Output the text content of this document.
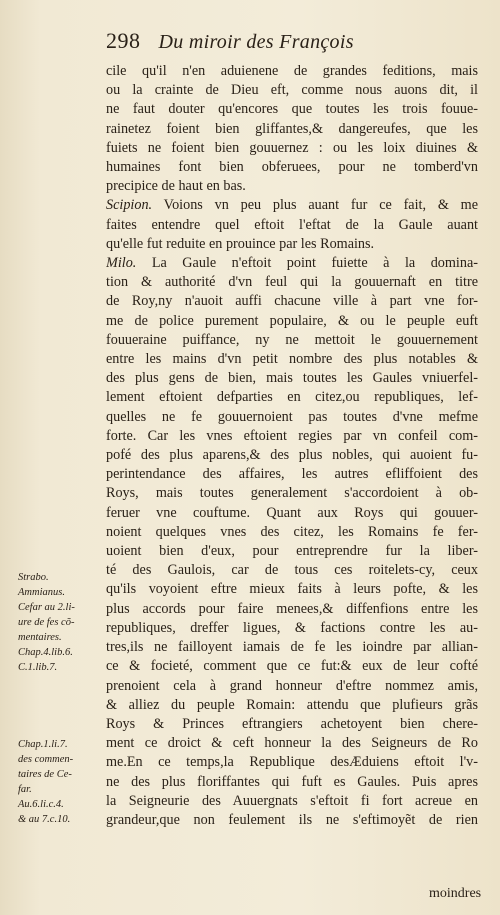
298 Du miroir des François
cile qu'il n'en aduienene de grandes feditions, mais
ou la crainte de Dieu eft, comme nous auons dit, il
ne faut douter qu'encores que toutes les trois fouue-
rainetez foient bien gliffantes,& dangereufes, que les
fuiets ne foient bien gouuernez : ou les loix diuines &
humaines font bien obferuees, pour ne tomberd'vn
precipice de haut en bas.
Scipion. Voions vn peu plus auant fur ce fait, & me
faites entendre quel eftoit l'eftat de la Gaule auant
qu'elle fut reduite en prouince par les Romains.
Milo. La Gaule n'eftoit point fuiette à la domina-
tion & authorité d'vn feul qui la gouuernaft en titre
de Roy,ny n'auoit auffi chacune ville à part vne for-
me de police purement populaire, & ou le peuple euft
fouueraine puiffance, ny ne mettoit le gouuernement
entre les mains d'vn petit nombre des plus notables &
des plus gens de bien, mais toutes les Gaules vniuerfel-
lement eftoient defparties en citez,ou republiques, lef-
quelles ne fe gouuernoient pas toutes d'vne mefme
forte. Car les vnes eftoient regies par vn confeil com-
pofé des plus aparens,& des plus nobles, qui auoient fu-
perintendance des affaires, les autres efliffoient des
Roys, mais toutes generalement s'accordoient à ob-
feruer vne couftume. Quant aux Roys qui gouuer-
noient quelques vnes des citez, les Romains fe fer-
uoient bien d'eux, pour entreprendre fur la liber-
té des Gaulois, car de tous ces roitelets-cy, ceux
qu'ils voyoient eftre mieux faits à leurs pofte, & les
plus accords pour faire menees,& diffenfions entre les
republiques, dreffer ligues, & factions contre les au-
tres,ils ne failloyent iamais de fe les ioindre par allian-
ce & focieté, comment que ce fut:& eux de leur cofté
prenoient cela à grand honneur d'eftre nommez amis,
& alliez du peuple Romain: attendu que plufieurs grãs
Roys & Princes eftrangiers achetoyent bien chere-
ment ce droict & ceft honneur la des Seigneurs de Ro
me.En ce temps,la Republique desÆduiens eftoit l'v-
ne des plus floriffantes qui fuft es Gaules. Puis apres
la Seigneurie des Auuergnats s'eftoit fi fort acreue en
grandeur,que non feulement ils ne s'eftimoyẽt de rien
Strabo.
Ammianus.
Cefar au 2.li-
ure de fes cõ-
mentaires.
Chap.4.lib.6.
C.1.lib.7.
Chap.1.li.7.
des commen-
taires de Ce-
far.
Au.6.li.c.4.
& au 7.c.10.
moindres
